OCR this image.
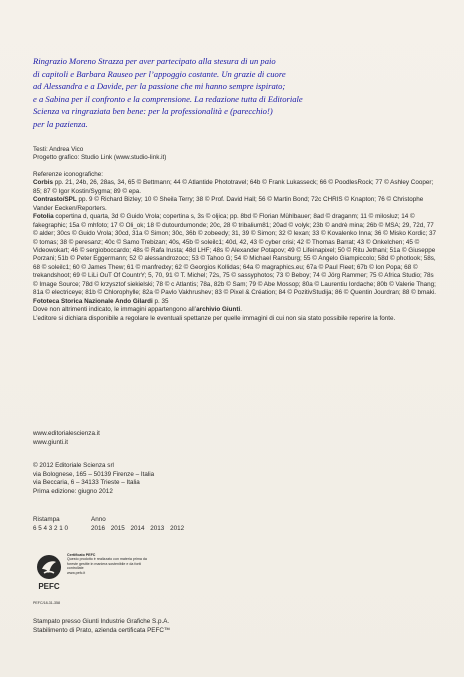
Ringrazio Moreno Strazza per aver partecipato alla stesura di un paio

di capitoli e Barbara Rauseo per l’appoggio costante. Un grazie di cuore

ad Alessandra e a Davide, per la passione che mi hanno sempre ispirato;

e a Sabina per il confronto e la comprensione. La redazione tutta di Editoriale

Scienza va ringraziata ben bene: per la professionalità e (parecchio!)

per la pazienza.

Testi: Andrea Vico

Progetto grafico: Studio Link (www.studio-link.it)

Referenze iconografiche:

Corbis pp. 21, 24b, 26, 28as, 34, 65 © Bettmann; 44 © Atlantide Phototravel; 64b © Frank Lukasseck; 66 © PoodlesRock; 77 © Ashley Cooper; 85; 87 © Igor Kostin/Sygma; 89 © epa.

Contrasto/SPL pp. 9 © Richard Bizley; 10 © Sheila Terry; 38 © Prof. David Hall; 56 © Martin Bond; 72c CHRIS © Knapton; 76 © Christophe Vander Eecken/Reporters.

Fotolia copertina d, quarta, 3d © Guido Vrola; copertina s, 3s © oljica; pp. 8bd © Florian Mühlbauer; 8ad © draganm; 11 © milosluz; 14 © fakegraphic; 15a © mhfoto; 17 © Oli_ok; 18 © dutourdumonde; 20c, 28 © tribalium81; 20ad © volyk; 23b © andrè mina; 26b © MSA; 29, 72d, 77 © alder; 30cs © Guido Vrola; 30cd, 31a © Simon; 30c, 36b © zobeedy; 31, 39 © Simon; 32 © lexan; 33 © Kovalenko Inna; 36 © Misko Kordic; 37 © tomas; 38 © peresanz; 40c © Samo Trebizan; 40s, 45b © soleilc1; 40d, 42, 43 © cyber crisi; 42 © Thomas Barrat; 43 © Onkelchen; 45 © Videowokart; 46 © sergioboccardo; 48s © Rafa Irusta; 48d LHF; 48s © Alexander Potapov; 49 © Lifeinapixel; 50 © Ritu Jethani; 51a © Giuseppe Porzani; 51b © Peter Eggermann; 52 © alessandrozocc; 53 © Tahoo G; 54 © Michael Ransburg; 55 © Angelo Giampiccolo; 58d © photlook; 58s, 68 © soleilc1; 60 © James Thew; 61 © manfredxy; 62 © Georgios Kollidas; 64a © magraphics.eu; 67a © Paul Fleet; 67b © Ion Popa; 68 © trekandshoot; 69 © LiLi OuT Of CountrY; 5, 70, 91 © T. Michel; 72s, 75 © sassyphotos; 73 © Beboy; 74 © Jörg Rammer; 75 © Africa Studio; 78s © Image Source; 78d © krzysztof siekielski; 78 © c Atlantis; 78a, 82b © Sam; 79 © Abe Mossop; 80a © Laurentiu Iordache; 80b © Valerie Thang; 81a © electriceye; 81b © Chlorophylle; 82a © Pavlo Vakhrushev; 83 © Pixel & Création; 84 © PozitivStudija; 86 © Quentin Jourdran; 88 © bmaki.

Fototeca Storica Nazionale Ando Gilardi p. 35

Dove non altrimenti indicato, le immagini appartengono all’archivio Giunti.

L’editore si dichiara disponibile a regolare le eventuali spettanze per quelle immagini di cui non sia stato possibile reperire la fonte.

www.editorialescienza.it

www.giunti.it

© 2012 Editoriale Scienza srl

via Bolognese, 165 – 50139 Firenze – Italia

via Beccaria, 6 – 34133 Trieste – Italia

Prima edizione: giugno 2012

Ristampa	Anno
6 5 4 3 2 1 0	2016 2015 2014 2013 2012
PEFC
Certificato PEFC
Questo prodotto è realizzato con materia prima da foreste gestite in maniera sostenibile e da fonti controllate
www.pefc.it
PEFC/18-31-358

Stampato presso Giunti Industrie Grafiche S.p.A.

Stabilimento di Prato, azienda certificata PEFC™
